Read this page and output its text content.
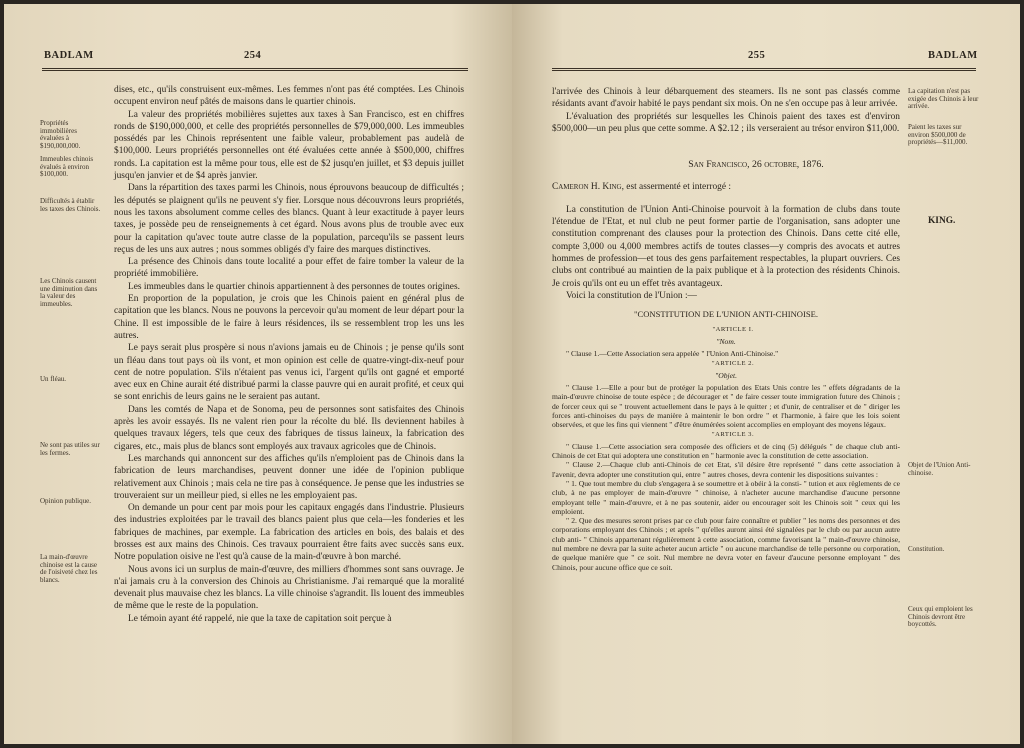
BADLAM	254
Propriétés immobilières évaluées à $190,000,000.
Immeubles chinois évalués à environ $100,000.
Difficultés à établir les taxes des Chinois.
Les Chinois causent une diminution dans la valeur des immeubles.
Un fléau.
Ne sont pas utiles sur les fermes.
Opinion publique.
La main-d'œuvre chinoise est la cause de l'oisiveté chez les blancs.

dises, etc., qu'ils construisent eux-mêmes. Les femmes n'ont pas été comptées. Les Chinois occupent environ neuf pâtés de maisons dans le quartier chinois.

La valeur des propriétés mobilières sujettes aux taxes à San Francisco, est en chiffres ronds de $190,000,000, et celle des propriétés personnelles de $79,000,000. Les immeubles possédés par les Chinois représentent une faible valeur, probablement pas audelà de $100,000. Leurs propriétés personnelles ont été évaluées cette année à $500,000, chiffres ronds. La capitation est la même pour tous, elle est de $2 jusqu'en juillet, et $3 depuis juillet jusqu'en janvier et de $4 après janvier.

Dans la répartition des taxes parmi les Chinois, nous éprouvons beaucoup de difficultés ; les députés se plaignent qu'ils ne peuvent s'y fier. Lorsque nous découvrons leurs propriétés, nous les taxons absolument comme celles des blancs. Quant à leur exactitude à payer leurs taxes, je possède peu de renseignements à cet égard. Nous avons plus de trouble avec eux pour la capitation qu'avec toute autre classe de la population, parcequ'ils se passent leurs reçus de les uns aux autres ; nous sommes obligés d'y faire des marques distinctives.

La présence des Chinois dans toute localité a pour effet de faire tomber la valeur de la propriété immobilière.

Les immeubles dans le quartier chinois appartiennent à des personnes de toutes origines.

En proportion de la population, je crois que les Chinois paient en général plus de capitation que les blancs. Nous ne pouvons la percevoir qu'au moment de leur départ pour la Chine. Il est impossible de le faire à leurs résidences, ils se ressemblent trop les uns les autres.

Le pays serait plus prospère si nous n'avions jamais eu de Chinois ; je pense qu'ils sont un fléau dans tout pays où ils vont, et mon opinion est celle de quatre-vingt-dix-neuf pour cent de notre population. S'ils n'étaient pas venus ici, l'argent qu'ils ont gagné et emporté avec eux en Chine aurait été distribué parmi la classe pauvre qui en aurait profité, et ceux qui se sont enrichis de leurs gains ne le seraient pas autant.

Dans les comtés de Napa et de Sonoma, peu de personnes sont satisfaites des Chinois après les avoir essayés. Ils ne valent rien pour la récolte du blé. Ils deviennent habiles à quelques travaux légers, tels que ceux des fabriques de tissus laineux, la fabrication des cigares, etc., mais plus de blancs sont employés aux travaux agricoles que de Chinois.

Les marchands qui annoncent sur des affiches qu'ils n'emploient pas de Chinois dans la fabrication de leurs marchandises, peuvent donner une idée de l'opinion publique relativement aux Chinois ; mais cela ne tire pas à conséquence. Je pense que les industries se trouveraient sur un meilleur pied, si elles ne les employaient pas.

On demande un pour cent par mois pour les capitaux engagés dans l'industrie. Plusieurs des industries exploitées par le travail des blancs paient plus que cela—les fonderies et les fabriques de machines, par exemple. La fabrication des articles en bois, des balais et des brosses est aux mains des Chinois. Ces travaux pourraient être faits avec succès sans eux. Notre population oisive ne l'est qu'à cause de la main-d'œuvre à bon marché.

Nous avons ici un surplus de main-d'œuvre, des milliers d'hommes sont sans ouvrage. Je n'ai jamais cru à la conversion des Chinois au Christianisme. J'ai remarqué que la moralité devenait plus mauvaise chez les blancs. La ville chinoise s'agrandit. Ils louent des immeubles de même que le reste de la population.

Le témoin ayant été rappelé, nie que la taxe de capitation soit perçue à

255	BADLAM
La capitation n'est pas exigée des Chinois à leur arrivée.
Paient les taxes sur environ $500,000 de propriétés—$11,000.
Objet de l'Union Anti-chinoise.
Constitution.
Ceux qui emploient les Chinois devront être boycottés.

l'arrivée des Chinois à leur débarquement des steamers. Ils ne sont pas classés comme résidants avant d'avoir habité le pays pendant six mois. On ne s'en occupe pas à leur arrivée.

L'évaluation des propriétés sur lesquelles les Chinois paient des taxes est d'environ $500,000—un peu plus que cette somme. A $2.12 ; ils verseraient au trésor environ $11,000.

San Francisco, 26 octobre, 1876.

Cameron H. King, est assermenté et interrogé :

La constitution de l'Union Anti-Chinoise pourvoit à la formation de clubs dans toute l'étendue de l'Etat, et nul club ne peut former partie de l'organisation, sans adopter une constitution comprenant des clauses pour la protection des Chinois. Dans cette cité elle, compte 3,000 ou 4,000 membres actifs de toutes classes—y compris des avocats et autres hommes de profession—et tous des gens parfaitement respectables, la plupart ouvriers. Ces clubs ont contribué au maintien de la paix publique et à la protection des résidents Chinois. Je crois qu'ils ont eu un effet très avantageux.

Voici la constitution de l'Union :—

"CONSTITUTION DE L'UNION ANTI-CHINOISE.

"ARTICLE I.

"Nom.

" Clause 1.—Cette Association sera appelée " l'Union Anti-Chinoise."

"ARTICLE 2.

"Objet.

" Clause 1.—Elle a pour but de protéger la population des Etats Unis contre les " effets dégradants de la main-d'œuvre chinoise de toute espèce ; de décourager et " de faire cesser toute immigration future des Chinois ; de forcer ceux qui se " trouvent actuellement dans le pays à le quitter ; et d'unir, de centraliser et de " diriger les forces anti-chinoises du pays de manière à maintenir le bon ordre " et l'harmonie, à faire que les lois soient observées, et que les fins qui viennent " d'être énumérées soient accomplies en employant des moyens légaux.

"ARTICLE 3.

" Clause 1.—Cette association sera composée des officiers et de cinq (5) délégués " de chaque club anti-Chinois de cet Etat qui adoptera une constitution en " harmonie avec la constitution de cette association.

" Clause 2.—Chaque club anti-Chinois de cet Etat, s'il désire être représenté " dans cette association à l'avenir, devra adopter une constitution qui, entre " autres choses, devra contenir les dispositions suivantes :

" 1. Que tout membre du club s'engagera à se soumettre et à obéir à la consti- " tution et aux règlements de ce club, à ne pas employer de main-d'œuvre " chinoise, à n'acheter aucune marchandise d'aucune personne employant telle " main-d'œuvre, et à ne pas soutenir, aider ou encourager soit les Chinois soit " ceux qui les emploient.

" 2. Que des mesures seront prises par ce club pour faire connaître et publier " les noms des personnes et des corporations employant des Chinois ; et après " qu'elles auront ainsi été signalées par le club ou par aucun autre club anti- " Chinois appartenant régulièrement à cette association, comme favorisant la " main-d'œuvre chinoise, nul membre ne devra par la suite acheter aucun article " ou aucune marchandise de telle personne ou corporation, de quelque manière que " ce soit. Nul membre ne devra voter en faveur d'aucune personne employant " des Chinois, pour aucune office que ce soit.

KING.
